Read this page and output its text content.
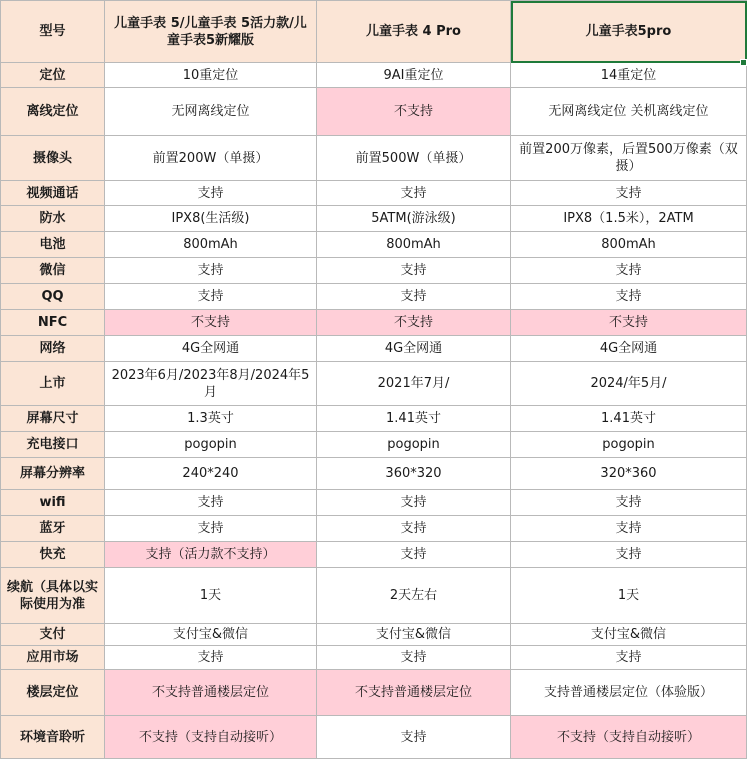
型号	儿童手表 5/儿童手表 5活力款/儿童手表5新耀版	儿童手表 4 Pro	儿童手表5pro
定位	10重定位	9AI重定位	14重定位
离线定位	无网离线定位	不支持	无网离线定位 关机离线定位
摄像头	前置200W（单摄）	前置500W（单摄）	前置200万像素，后置500万像素（双摄）
视频通话	支持	支持	支持
防水	IPX8(生活级)	5ATM(游泳级)	IPX8（1.5米），2ATM
电池	800mAh	800mAh	800mAh
微信	支持	支持	支持
QQ	支持	支持	支持
NFC	不支持	不支持	不支持
网络	4G全网通	4G全网通	4G全网通
上市	2023年6月/2023年8月/2024年5月	2021年7月/	2024/年5月/
屏幕尺寸	1.3英寸	1.41英寸	1.41英寸
充电接口	pogopin	pogopin	pogopin
屏幕分辨率	240*240	360*320	320*360
wifi	支持	支持	支持
蓝牙	支持	支持	支持
快充	支持（活力款不支持）	支持	支持
续航（具体以实际使用为准	1天	2天左右	1天
支付	支付宝&微信	支付宝&微信	支付宝&微信
应用市场	支持	支持	支持
楼层定位	不支持普通楼层定位	不支持普通楼层定位	支持普通楼层定位（体验版）
环境音聆听	不支持（支持自动接听）	支持	不支持（支持自动接听）
